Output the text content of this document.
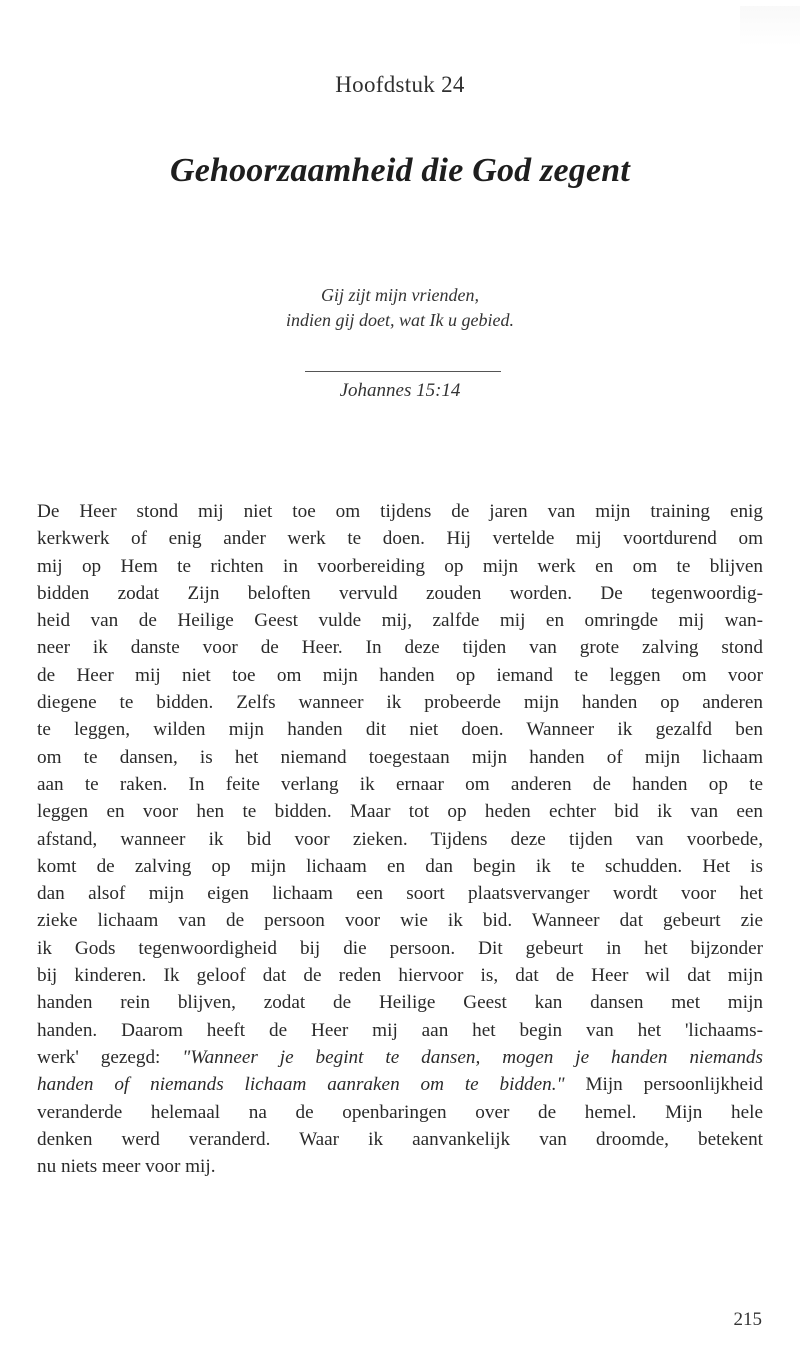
Hoofdstuk 24
Gehoorzaamheid die God zegent
Gij zijt mijn vrienden,
indien gij doet, wat Ik u gebied.
Johannes 15:14
De Heer stond mij niet toe om tijdens de jaren van mijn training enig
kerkwerk of enig ander werk te doen. Hij vertelde mij voortdurend om
mij op Hem te richten in voorbereiding op mijn werk en om te blijven
bidden zodat Zijn beloften vervuld zouden worden. De tegenwoordig-
heid van de Heilige Geest vulde mij, zalfde mij en omringde mij wan-
neer ik danste voor de Heer. In deze tijden van grote zalving stond
de Heer mij niet toe om mijn handen op iemand te leggen om voor
diegene te bidden. Zelfs wanneer ik probeerde mijn handen op anderen
te leggen, wilden mijn handen dit niet doen. Wanneer ik gezalfd ben
om te dansen, is het niemand toegestaan mijn handen of mijn lichaam
aan te raken. In feite verlang ik ernaar om anderen de handen op te
leggen en voor hen te bidden. Maar tot op heden echter bid ik van een
afstand, wanneer ik bid voor zieken. Tijdens deze tijden van voorbede,
komt de zalving op mijn lichaam en dan begin ik te schudden. Het is
dan alsof mijn eigen lichaam een soort plaatsvervanger wordt voor het
zieke lichaam van de persoon voor wie ik bid. Wanneer dat gebeurt zie
ik Gods tegenwoordigheid bij die persoon. Dit gebeurt in het bijzonder
bij kinderen. Ik geloof dat de reden hiervoor is, dat de Heer wil dat mijn
handen rein blijven, zodat de Heilige Geest kan dansen met mijn
handen. Daarom heeft de Heer mij aan het begin van het 'lichaams-
werk' gezegd: "Wanneer je begint te dansen, mogen je handen niemands
handen of niemands lichaam aanraken om te bidden." Mijn persoonlijkheid
veranderde helemaal na de openbaringen over de hemel. Mijn hele
denken werd veranderd. Waar ik aanvankelijk van droomde, betekent
nu niets meer voor mij.
215
